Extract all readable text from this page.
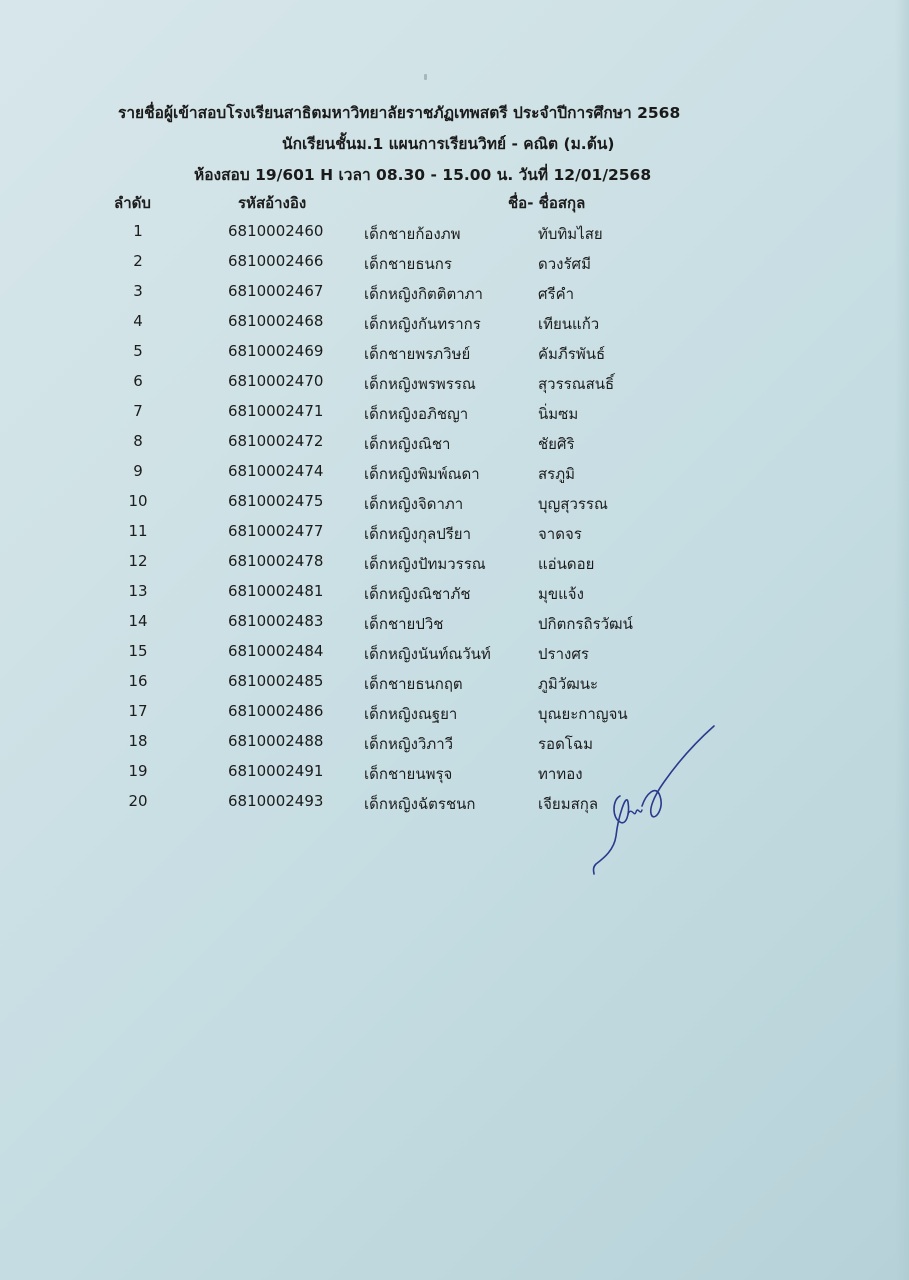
รายชื่อผู้เข้าสอบโรงเรียนสาธิตมหาวิทยาลัยราชภัฏเทพสตรี ประจำปีการศึกษา 2568
นักเรียนชั้นม.1 แผนการเรียนวิทย์ - คณิต (ม.ต้น)
ห้องสอบ 19/601 H เวลา 08.30 - 15.00 น. วันที่ 12/01/2568
ลำดับ	รหัสอ้างอิง	ชื่อ- ชื่อสกุล
1	6810002460	เด็กชายก้องภพ	ทับทิมไสย
2	6810002466	เด็กชายธนกร	ดวงรัศมี
3	6810002467	เด็กหญิงกิตติตาภา	ศรีคำ
4	6810002468	เด็กหญิงกันทรากร	เทียนแก้ว
5	6810002469	เด็กชายพรภวิษย์	คัมภีรพันธ์
6	6810002470	เด็กหญิงพรพรรณ	สุวรรณสนธิ์
7	6810002471	เด็กหญิงอภิชญา	นิ่มซม
8	6810002472	เด็กหญิงณิชา	ชัยศิริ
9	6810002474	เด็กหญิงพิมพ์ณดา	สรภูมิ
10	6810002475	เด็กหญิงจิดาภา	บุญสุวรรณ
11	6810002477	เด็กหญิงกุลปรียา	จาดจร
12	6810002478	เด็กหญิงปัทมวรรณ	แอ่นดอย
13	6810002481	เด็กหญิงณิชาภัช	มุขแจ้ง
14	6810002483	เด็กชายปวิช	ปกิตกรถิรวัฒน์
15	6810002484	เด็กหญิงนันท์ณวันท์	ปรางศร
16	6810002485	เด็กชายธนกฤต	ภูมิวัฒนะ
17	6810002486	เด็กหญิงณฐยา	บุณยะกาญจน
18	6810002488	เด็กหญิงวิภาวี	รอดโฉม
19	6810002491	เด็กชายนพรุจ	ทาทอง
20	6810002493	เด็กหญิงฉัตรชนก	เจียมสกุล
